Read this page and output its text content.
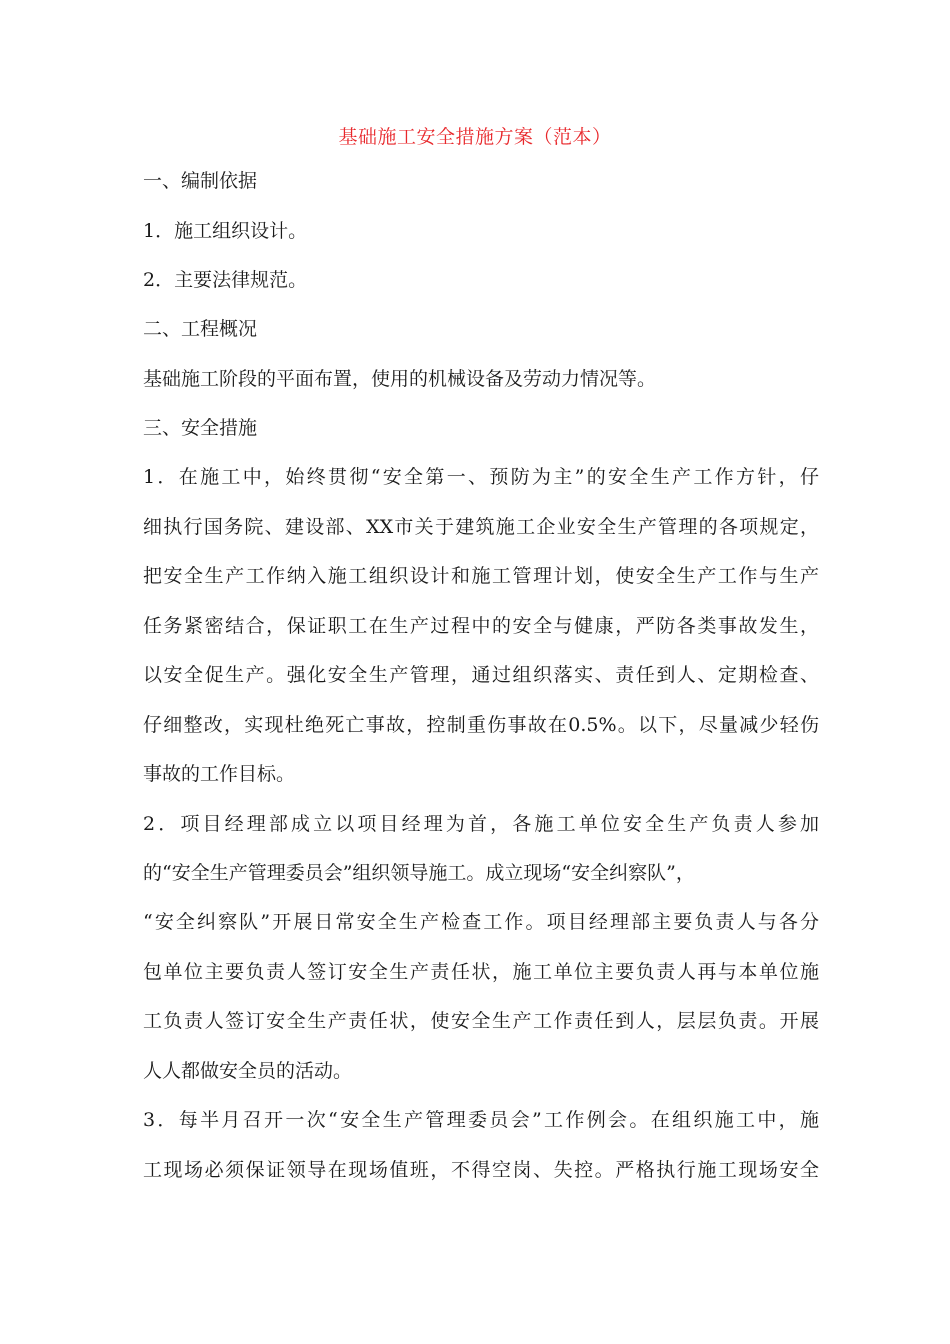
基础施工安全措施方案（范本）
一、编制依据
1．施工组织设计。
2．主要法律规范。
二、工程概况
基础施工阶段的平面布置，使用的机械设备及劳动力情况等。
三、安全措施
1．在施工中，始终贯彻“安全第一、预防为主”的安全生产工作方针，仔
细执行国务院、建设部、XX市关于建筑施工企业安全生产管理的各项规定，
把安全生产工作纳入施工组织设计和施工管理计划，使安全生产工作与生产
任务紧密结合，保证职工在生产过程中的安全与健康，严防各类事故发生，
以安全促生产。强化安全生产管理，通过组织落实、责任到人、定期检查、
仔细整改，实现杜绝死亡事故，控制重伤事故在0.5%。以下，尽量减少轻伤
事故的工作目标。
2．项目经理部成立以项目经理为首，各施工单位安全生产负责人参加
的“安全生产管理委员会”组织领导施工。成立现场“安全纠察队”，
“安全纠察队”开展日常安全生产检查工作。项目经理部主要负责人与各分
包单位主要负责人签订安全生产责任状，施工单位主要负责人再与本单位施
工负责人签订安全生产责任状，使安全生产工作责任到人，层层负责。开展
人人都做安全员的活动。
3．每半月召开一次“安全生产管理委员会”工作例会。在组织施工中，施
工现场必须保证领导在现场值班，不得空岗、失控。严格执行施工现场安全
